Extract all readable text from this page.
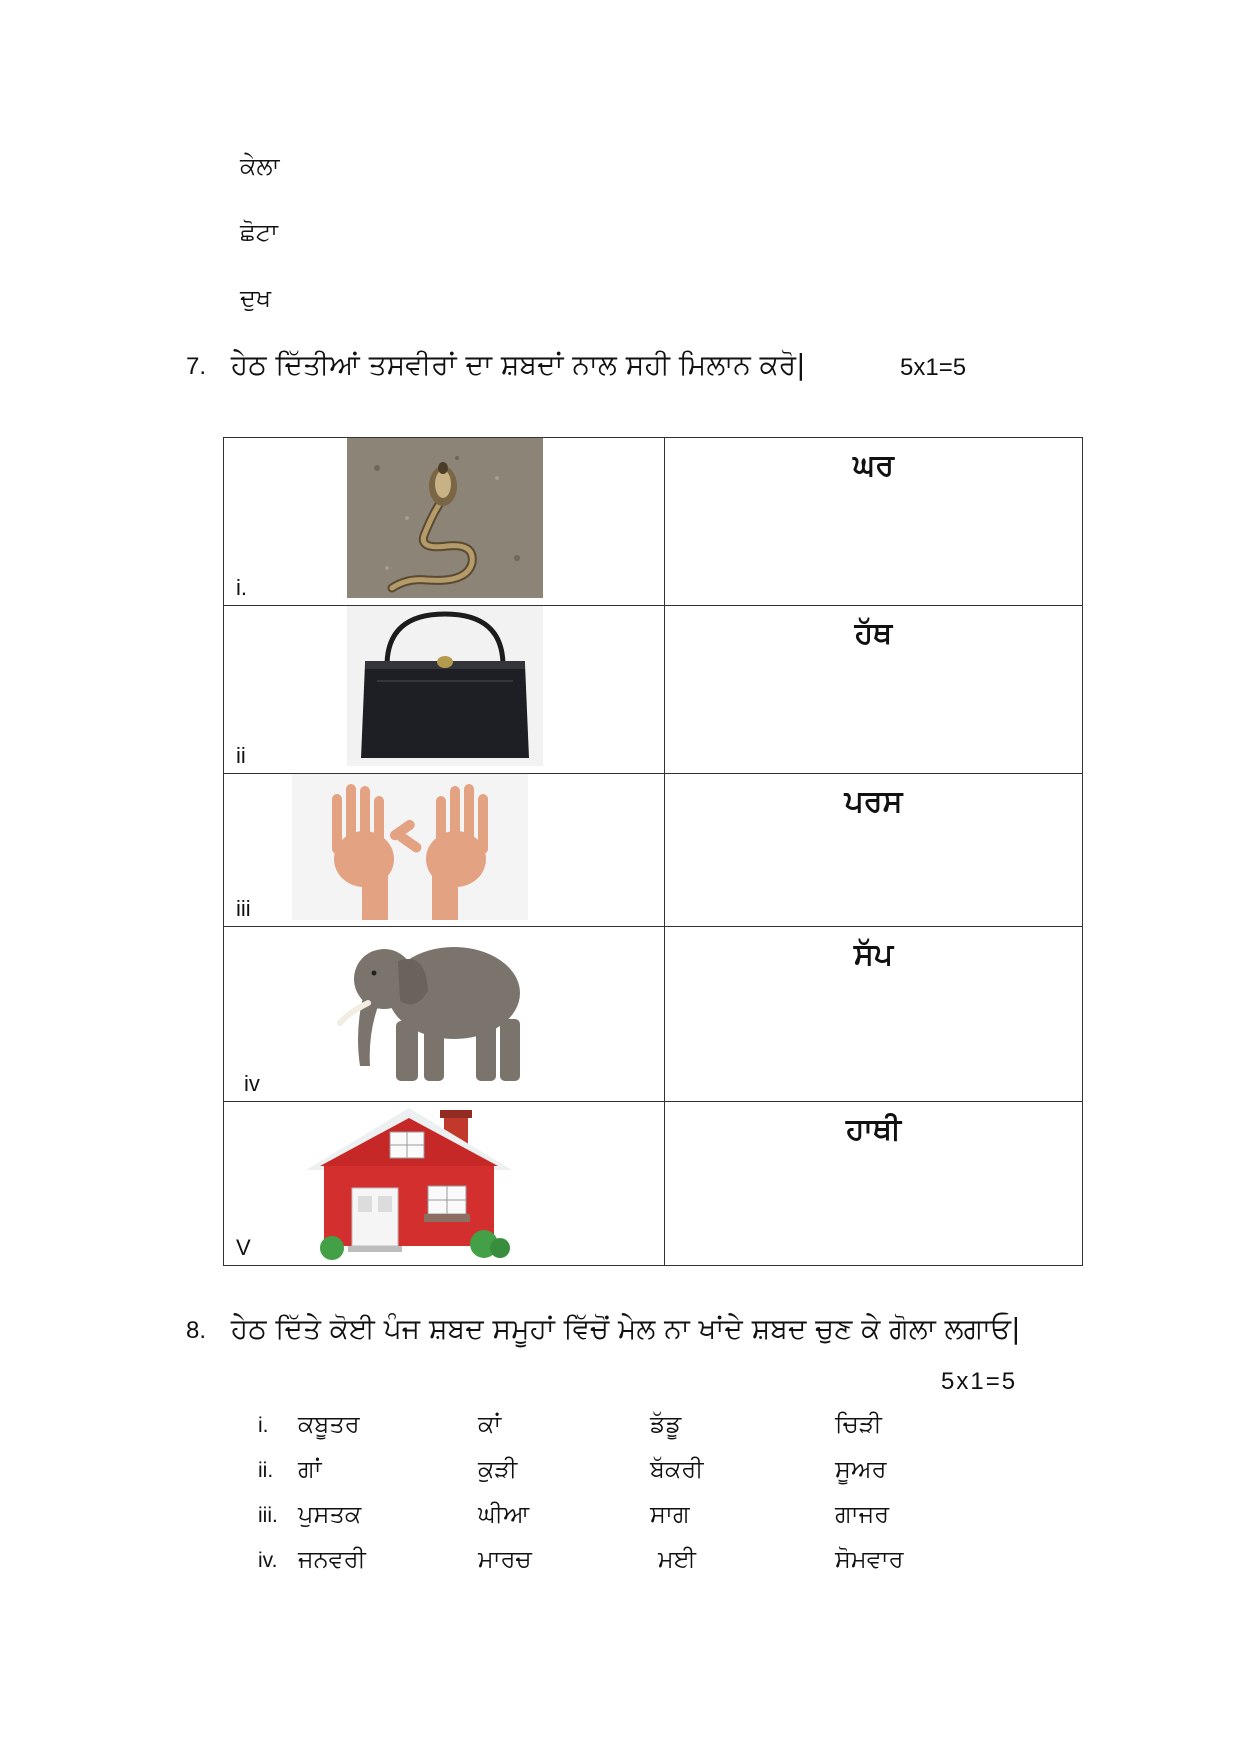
ਕੇਲਾ
ਛੋਟਾ
ਦੁਖ
7. ਹੇਠ ਦਿੱਤੀਆਂ ਤਸਵੀਰਾਂ ਦਾ ਸ਼ਬਦਾਂ ਨਾਲ ਸਹੀ ਮਿਲਾਨ ਕਰੋ|	5x1=5
i.	ਘਰ

ii	ਹੱਥ

iii	ਪਰਸ

iv	ਸੱਪ

V	ਹਾਥੀ
8. ਹੇਠ ਦਿੱਤੇ ਕੋਈ ਪੰਜ ਸ਼ਬਦ ਸਮੂਹਾਂ ਵਿੱਚੋਂ ਮੇਲ ਨਾ ਖਾਂਦੇ ਸ਼ਬਦ ਚੁਣ ਕੇ ਗੋਲਾ ਲਗਾਓ|
5x1=5
i. ਕਬੂਤਰ	ਕਾਂ	ਡੱਡੂ	ਚਿੜੀ
ii. ਗਾਂ	ਕੁੜੀ	ਬੱਕਰੀ	ਸੂਅਰ
iii. ਪੁਸਤਕ	ਘੀਆ	ਸਾਗ	ਗਾਜਰ
iv. ਜਨਵਰੀ	ਮਾਰਚ	ਮਈ	ਸੋਮਵਾਰ
